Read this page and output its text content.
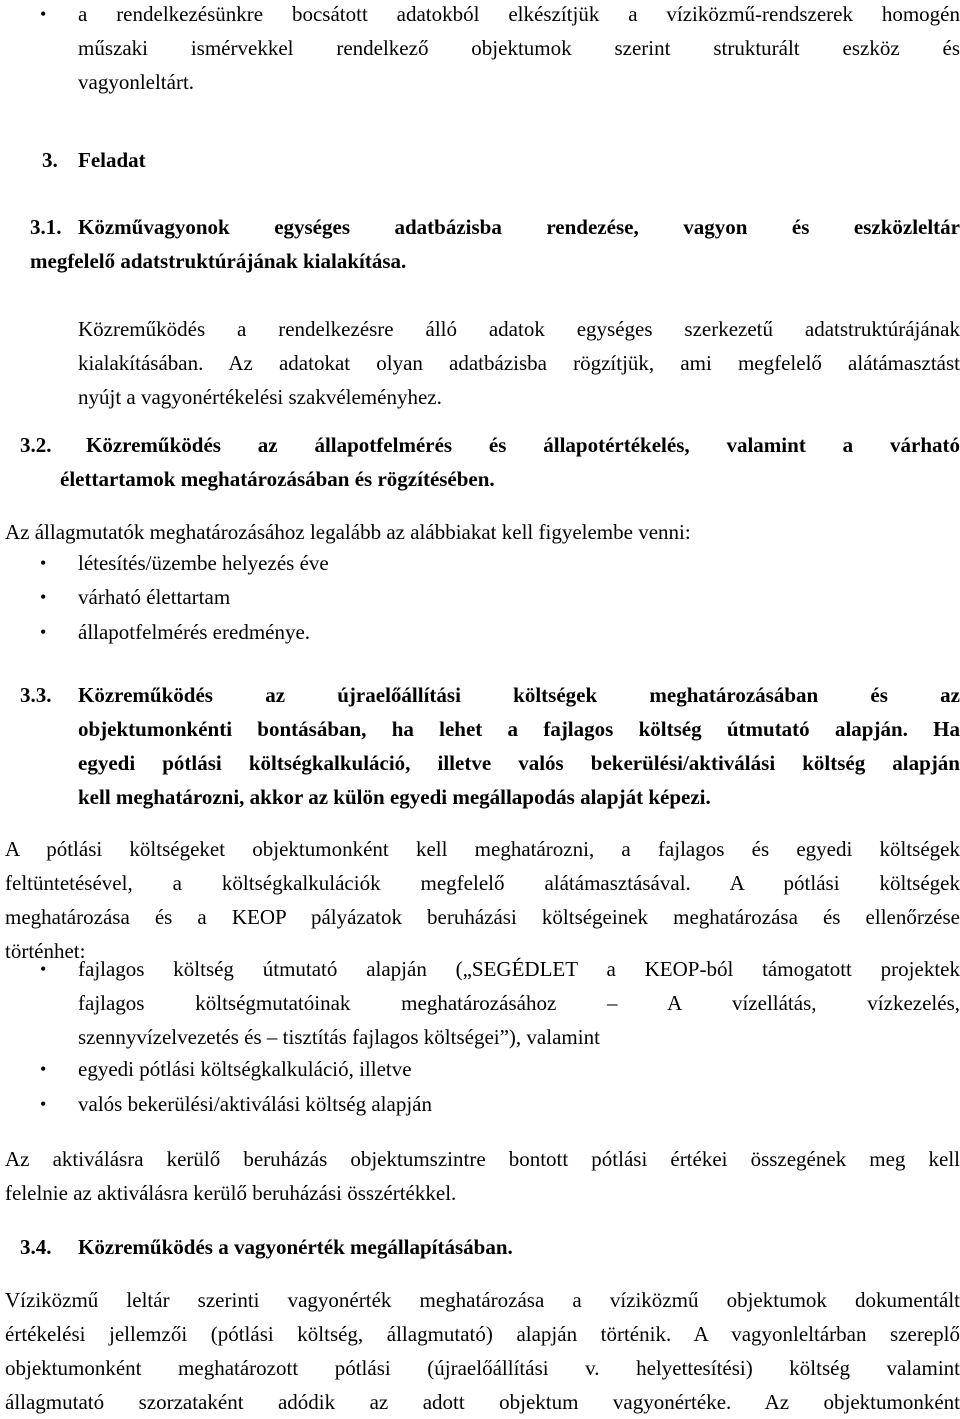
• a rendelkezésünkre bocsátott adatokból elkészítjük a víziközmű-rendszerek homogén
műszaki ismérvekkel rendelkező objektumok szerint strukturált eszköz és
vagyonleltárt.
3. Feladat
3.1. Közművagyonok egységes adatbázisba rendezése, vagyon és eszközleltár
megfelelő adatstruktúrájának kialakítása.
Közreműködés a rendelkezésre álló adatok egységes szerkezetű adatstruktúrájának
kialakításában. Az adatokat olyan adatbázisba rögzítjük, ami megfelelő alátámasztást
nyújt a vagyonértékelési szakvéleményhez.
3.2. Közreműködés az állapotfelmérés és állapotértékelés, valamint a várható
élettartamok meghatározásában és rögzítésében.
Az állagmutatók meghatározásához legalább az alábbiakat kell figyelembe venni:
• létesítés/üzembe helyezés éve
• várható élettartam
• állapotfelmérés eredménye.
3.3. Közreműködés az újraelőállítási költségek meghatározásában és az
objektumonkénti bontásában, ha lehet a fajlagos költség útmutató alapján. Ha
egyedi pótlási költségkalkuláció, illetve valós bekerülési/aktiválási költség alapján
kell meghatározni, akkor az külön egyedi megállapodás alapját képezi.
A pótlási költségeket objektumonként kell meghatározni, a fajlagos és egyedi költségek
feltüntetésével, a költségkalkulációk megfelelő alátámasztásával. A pótlási költségek
meghatározása és a KEOP pályázatok beruházási költségeinek meghatározása és ellenőrzése
történhet:
• fajlagos költség útmutató alapján („SEGÉDLET a KEOP-ból támogatott projektek
fajlagos költségmutatóinak meghatározásához – A vízellátás, vízkezelés,
szennyvízelvezetés és – tisztítás fajlagos költségei”), valamint
• egyedi pótlási költségkalkuláció, illetve
• valós bekerülési/aktiválási költség alapján
Az aktiválásra kerülő beruházás objektumszintre bontott pótlási értékei összegének meg kell
felelnie az aktiválásra kerülő beruházási összértékkel.
3.4. Közreműködés a vagyonérték megállapításában.
Víziközmű leltár szerinti vagyonérték meghatározása a víziközmű objektumok dokumentált
értékelési jellemzői (pótlási költség, állagmutató) alapján történik. A vagyonleltárban szereplő
objektumonként meghatározott pótlási (újraelőállítási v. helyettesítési) költség valamint
állagmutató szorzataként adódik az adott objektum vagyonértéke. Az objektumonként
